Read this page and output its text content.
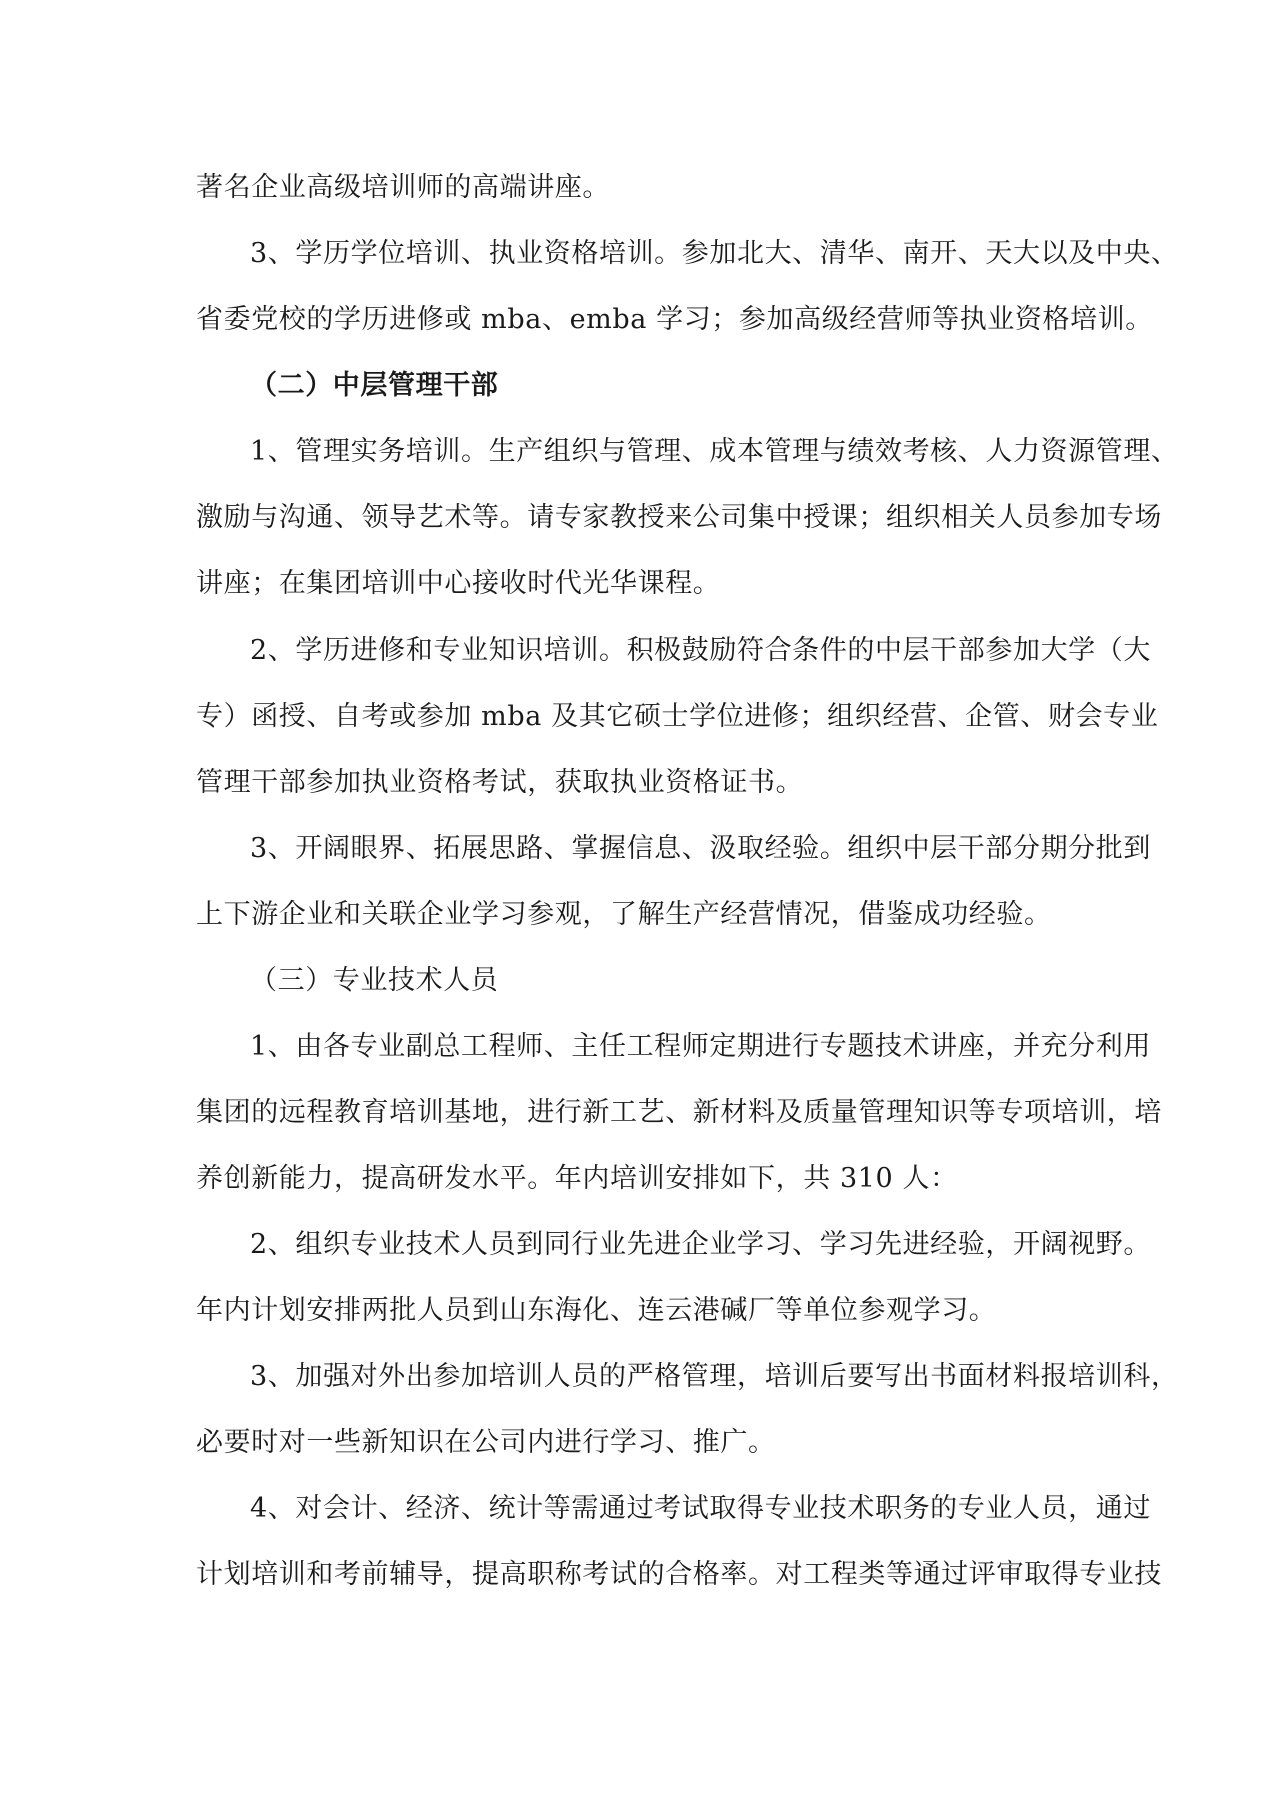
著名企业高级培训师的高端讲座。
3、学历学位培训、执业资格培训。参加北大、清华、南开、天大以及中央、
省委党校的学历进修或 mba、emba 学习；参加高级经营师等执业资格培训。
（二）中层管理干部
1、管理实务培训。生产组织与管理、成本管理与绩效考核、人力资源管理、
激励与沟通、领导艺术等。请专家教授来公司集中授课；组织相关人员参加专场
讲座；在集团培训中心接收时代光华课程。
2、学历进修和专业知识培训。积极鼓励符合条件的中层干部参加大学（大
专）函授、自考或参加 mba 及其它硕士学位进修；组织经营、企管、财会专业
管理干部参加执业资格考试，获取执业资格证书。
3、开阔眼界、拓展思路、掌握信息、汲取经验。组织中层干部分期分批到
上下游企业和关联企业学习参观，了解生产经营情况，借鉴成功经验。
（三）专业技术人员
1、由各专业副总工程师、主任工程师定期进行专题技术讲座，并充分利用
集团的远程教育培训基地，进行新工艺、新材料及质量管理知识等专项培训，培
养创新能力，提高研发水平。年内培训安排如下，共 310 人：
2、组织专业技术人员到同行业先进企业学习、学习先进经验，开阔视野。
年内计划安排两批人员到山东海化、连云港碱厂等单位参观学习。
3、加强对外出参加培训人员的严格管理，培训后要写出书面材料报培训科，
必要时对一些新知识在公司内进行学习、推广。
4、对会计、经济、统计等需通过考试取得专业技术职务的专业人员，通过
计划培训和考前辅导，提高职称考试的合格率。对工程类等通过评审取得专业技
